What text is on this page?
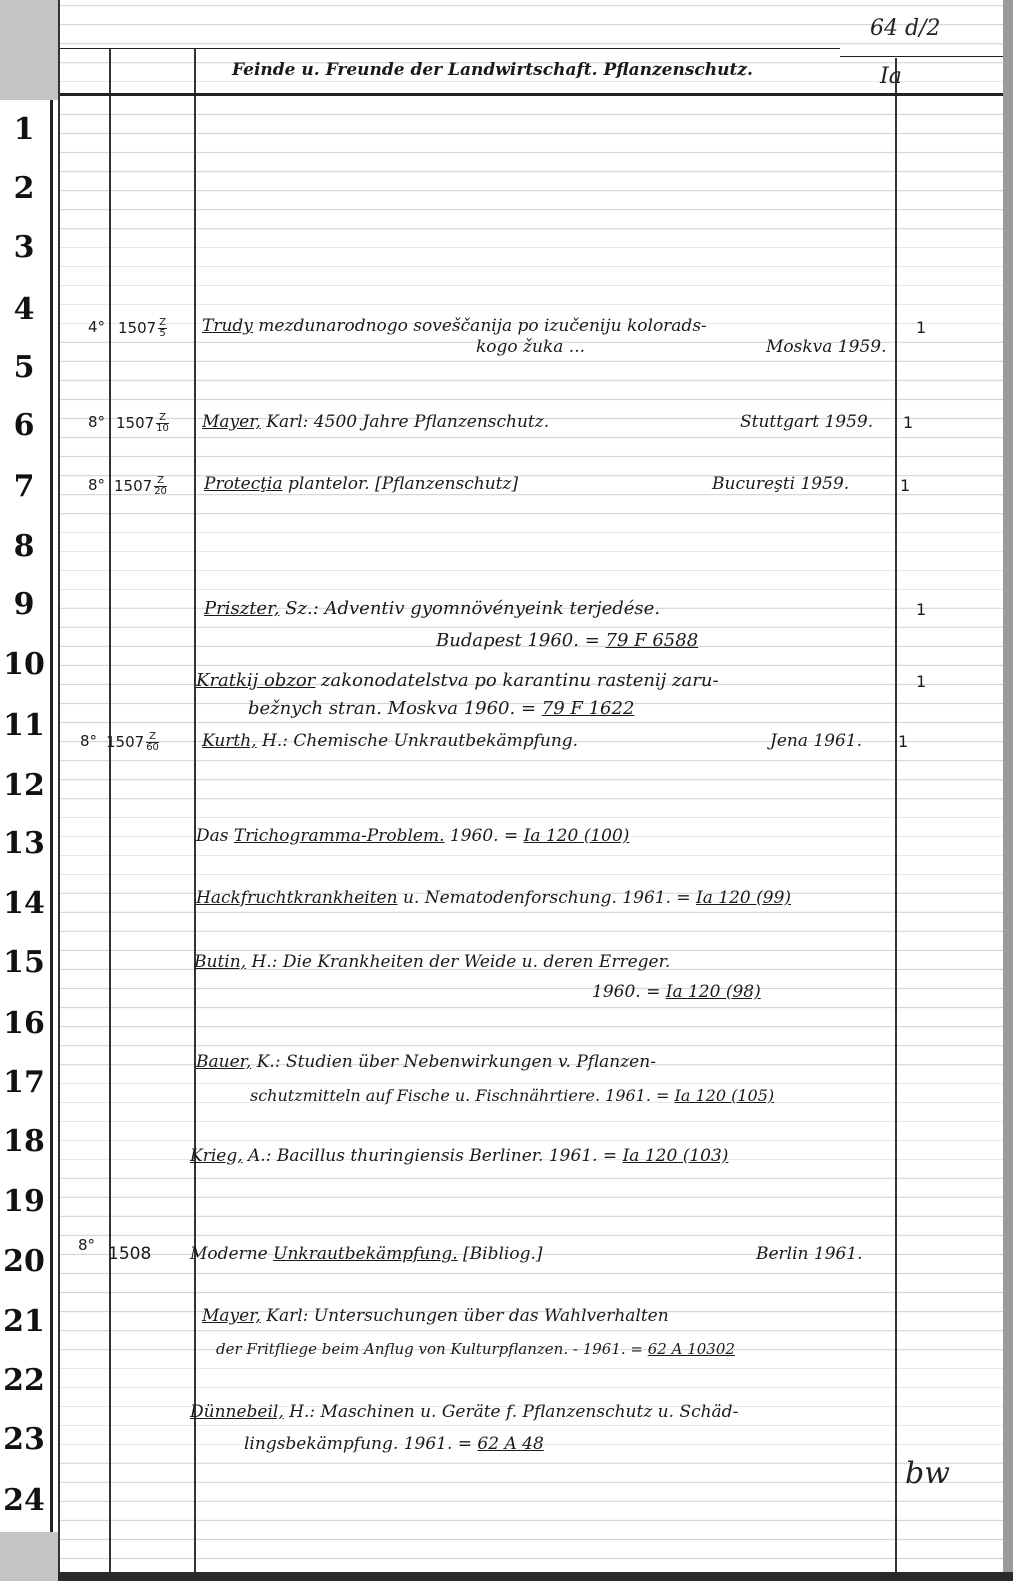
1
2
3
4
5
6
7
8
9
10
11
12
13
14
15
16
17
18
19
20
21
22
23
24
64 d/2
Ia
Feinde u. Freunde der Landwirtschaft. Pflanzenschutz.
4° $1507 \frac{Z}{5}$ Trudy mezdunarodnogo soveščanija po izučeniju kolorads-
kogo žuka ...	Moskva 1959.
1
8° $1507 \frac{Z}{10}$ Mayer, Karl: 4500 Jahre Pflanzenschutz.	Stuttgart 1959. 1
8° $1507 \frac{Z}{20}$ Protecţia plantelor. [Pflanzenschutz]	Bucureşti 1959.	1
Priszter, Sz.: Adventiv gyomnövényeink terjedése.
Budapest 1960. = 79 F 6588
1
Kratkij obzor zakonodatelstva po karantinu rastenij zaru-
bežnych stran. Moskva 1960. = 79 F 1622
1
8° $1507 \frac{Z}{60}$	Kurth, H.: Chemische Unkrautbekämpfung.	Jena 1961. 1
Das Trichogramma-Problem. 1960. = Ia 120 (100)
Hackfruchtkrankheiten u. Nematodenforschung. 1961. = Ia 120 (99)
Butin, H.: Die Krankheiten der Weide u. deren Erreger.
1960. = Ia 120 (98)
Bauer, K.: Studien über Nebenwirkungen v. Pflanzen-
schutzmitteln auf Fische u. Fischnährtiere. 1961. = Ia 120 (105)
Krieg, A.: Bacillus thuringiensis Berliner. 1961. = Ia 120 (103)
8° 1508 Moderne Unkrautbekämpfung. [Bibliog.]	Berlin 1961.
Mayer, Karl: Untersuchungen über das Wahlverhalten
der Fritfliege beim Anflug von Kulturpflanzen. - 1961. = 62 A 10302
Dünnebeil, H.: Maschinen u. Geräte f. Pflanzenschutz u. Schäd-
lingsbekämpfung. 1961. = 62 A 48
bw
